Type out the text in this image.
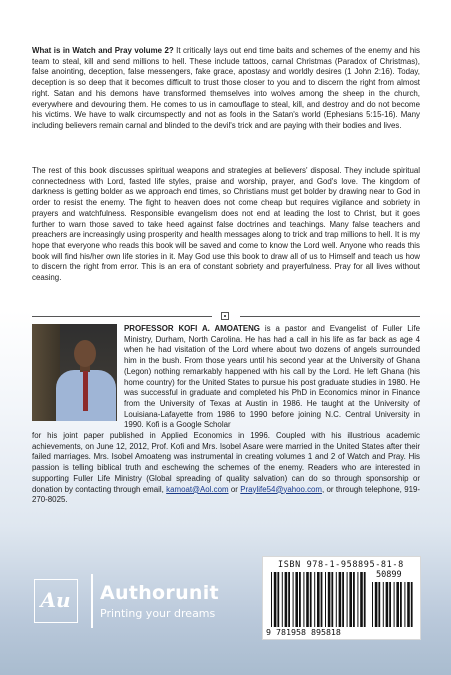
What is in Watch and Pray volume 2? It critically lays out end time baits and schemes of the enemy and his team to steal, kill and send millions to hell. These include tattoos, carnal Christmas (Paradox of Christmas), false anointing, deception, false messengers, fake grace, apostasy and worldly desires (1 John 2:16). Today, deception is so deep that it becomes difficult to trust those closer to you and to discern the right from almost right. Satan and his demons have transformed themselves into wolves among the sheep in the church, everywhere and devouring them. He comes to us in camouflage to steal, kill, and destroy and do not become his victims. We have to walk circumspectly and not as fools in the Satan's world (Ephesians 5:15-16). Many including believers remain carnal and blinded to the devil's trick and are paying with their bodies and lives.
The rest of this book discusses spiritual weapons and strategies at believers' disposal. They include spiritual connectedness with Lord, fasted life styles, praise and worship, prayer, and God's love. The kingdom of darkness is getting bolder as we approach end times, so Christians must get bolder by drawing near to God in order to resist the enemy. The fight to heaven does not come cheap but requires vigilance and sobriety in prayers and watchfulness. Responsible evangelism does not end at leading the lost to Christ, but it goes further to warn those saved to take heed against false doctrines and teachings. Many false teachers and preachers are increasingly using prosperity and health messages along to trick and trap millions to hell. It is my hope that everyone who reads this book will be saved and come to know the Lord well. Anyone who reads this book will find his/her own life stories in it. May God use this book to draw all of us to Himself and teach us how to discern the right from error. This is an era of constant sobriety and prayerfulness. Pray for all lives without ceasing.
PROFESSOR KOFI A. AMOATENG is a pastor and Evangelist of Fuller Life Ministry, Durham, North Carolina. He has had a call in his life as far back as age 4 when he had visitation of the Lord where about two dozens of angels surrounded him in the bush. From those years until his second year at the University of Ghana (Legon) nothing remarkably happened with his call by the Lord. He left Ghana (his home country) for the United States to pursue his post graduate studies in 1980. He was successful in graduate and completed his PhD in Economics minor in Finance from the University of Texas at Austin in 1986. He taught at the University of Louisiana-Lafayette from 1986 to 1990 before joining N.C. Central University in 1990. Kofi is a Google Scholar
for his joint paper published in Applied Economics in 1996. Coupled with his illustrious academic achievements, on June 12, 2012, Prof. Kofi and Mrs. Isobel Asare were married in the United States after their failed marriages. Mrs. Isobel Amoateng was instrumental in creating volumes 1 and 2 of Watch and Pray. His passion is telling biblical truth and eschewing the schemes of the enemy. Readers who are interested in supporting Fuller Life Ministry (Global spreading of quality salvation) can do so through sponsorship or donation by contacting through email, kamoat@Aol.com or Praylife54@yahoo.com, or through telephone, 919-270-8025.
Au Authorunit
Printing your dreams
ISBN 978-1-958895-81-8
50899
9 781958 895818
